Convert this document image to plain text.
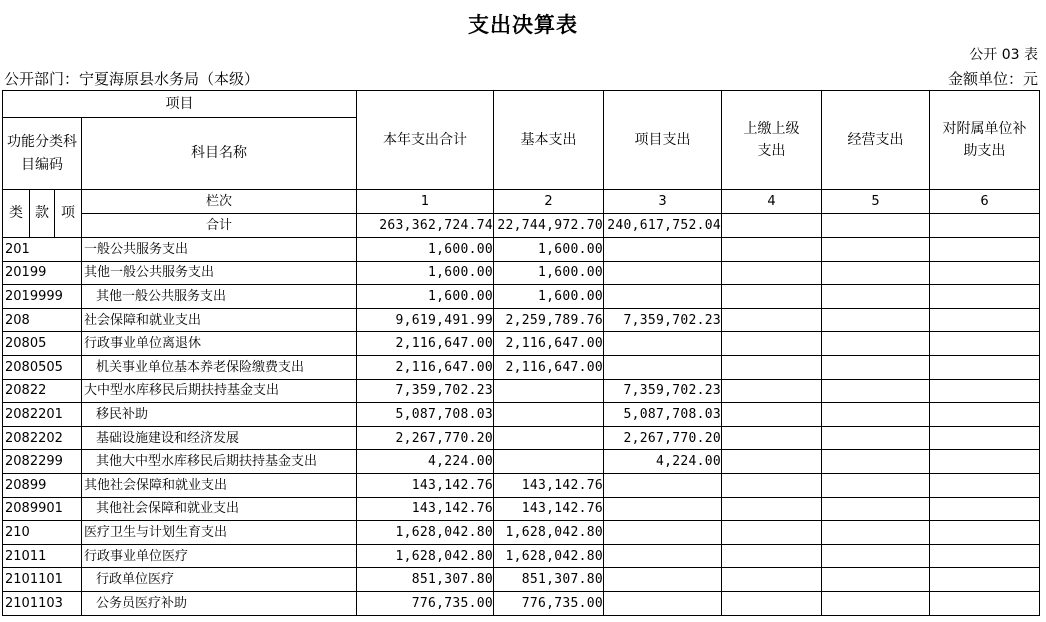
支出决算表
公开 03 表
公开部门：宁夏海原县水务局（本级）	金额单位：元
项目				本年支出合计	基本支出	项目支出	上缴上级支出	经营支出	对附属单位补助支出
功能分类科目编码			科目名称						
类	款	项	栏次	1	2	3	4	5	6
			合计	263,362,724.74	22,744,972.70	240,617,752.04			
201			一般公共服务支出	1,600.00	1,600.00				
20199			其他一般公共服务支出	1,600.00	1,600.00				
2019999			其他一般公共服务支出	1,600.00	1,600.00				
208			社会保障和就业支出	9,619,491.99	2,259,789.76	7,359,702.23			
20805			行政事业单位离退休	2,116,647.00	2,116,647.00				
2080505			机关事业单位基本养老保险缴费支出	2,116,647.00	2,116,647.00				
20822			大中型水库移民后期扶持基金支出	7,359,702.23		7,359,702.23			
2082201			移民补助	5,087,708.03		5,087,708.03			
2082202			基础设施建设和经济发展	2,267,770.20		2,267,770.20			
2082299			其他大中型水库移民后期扶持基金支出	4,224.00		4,224.00			
20899			其他社会保障和就业支出	143,142.76	143,142.76				
2089901			其他社会保障和就业支出	143,142.76	143,142.76				
210			医疗卫生与计划生育支出	1,628,042.80	1,628,042.80				
21011			行政事业单位医疗	1,628,042.80	1,628,042.80				
2101101			行政单位医疗	851,307.80	851,307.80				
2101103			公务员医疗补助	776,735.00	776,735.00				
